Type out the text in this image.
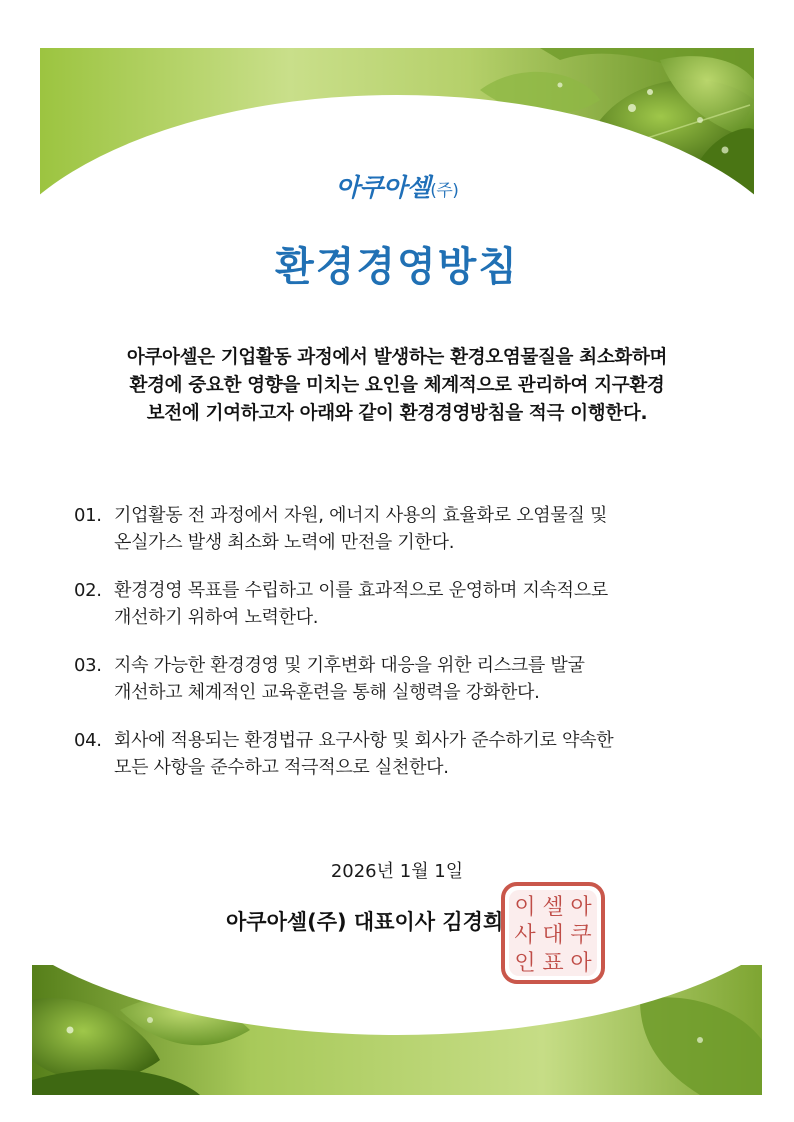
아쿠아셀(주)
환경경영방침
아쿠아셀은 기업활동 과정에서 발생하는 환경오염물질을 최소화하며
환경에 중요한 영향을 미치는 요인을 체계적으로 관리하여 지구환경
보전에 기여하고자 아래와 같이 환경경영방침을 적극 이행한다.
01. 기업활동 전 과정에서 자원, 에너지 사용의 효율화로 오염물질 및
온실가스 발생 최소화 노력에 만전을 기한다.
02. 환경경영 목표를 수립하고 이를 효과적으로 운영하며 지속적으로
개선하기 위하여 노력한다.
03. 지속 가능한 환경경영 및 기후변화 대응을 위한 리스크를 발굴
개선하고 체계적인 교육훈련을 통해 실행력을 강화한다.
04. 회사에 적용되는 환경법규 요구사항 및 회사가 준수하기로 약속한
모든 사항을 준수하고 적극적으로 실천한다.
2026년 1월 1일
아쿠아셀(주) 대표이사 김경희
아
쿠
아
셀
대
표
이
사
인
